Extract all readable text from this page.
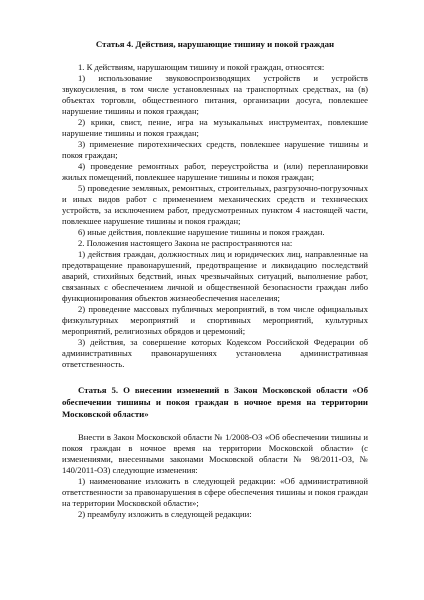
Статья 4. Действия, нарушающие тишину и покой граждан

1. К действиям, нарушающим тишину и покой граждан, относятся:

1) использование звуковоспроизводящих устройств и устройств звукоусиления, в том числе установленных на транспортных средствах, на (в) объектах торговли, общественного питания, организации досуга, повлекшее нарушение тишины и покоя граждан;

2) крики, свист, пение, игра на музыкальных инструментах, повлекшие нарушение тишины и покоя граждан;

3) применение пиротехнических средств, повлекшее нарушение тишины и покоя граждан;

4) проведение ремонтных работ, переустройства и (или) перепланировки жилых помещений, повлекшее нарушение тишины и покоя граждан;

5) проведение земляных, ремонтных, строительных, разгрузочно-погрузочных и иных видов работ с применением механических средств и технических устройств, за исключением работ, предусмотренных пунктом 4 настоящей части, повлекшее нарушение тишины и покоя граждан;

6) иные действия, повлекшие нарушение тишины и покоя граждан.

2. Положения настоящего Закона не распространяются на:

1) действия граждан, должностных лиц и юридических лиц, направленные на предотвращение правонарушений, предотвращение и ликвидацию последствий аварий, стихийных бедствий, иных чрезвычайных ситуаций, выполнение работ, связанных с обеспечением личной и общественной безопасности граждан либо функционирования объектов жизнеобеспечения населения;

2) проведение массовых публичных мероприятий, в том числе официальных физкультурных мероприятий и спортивных мероприятий, культурных мероприятий, религиозных обрядов и церемоний;

3) действия, за совершение которых Кодексом Российской Федерации об административных правонарушениях установлена административная ответственность.

Статья 5. О внесении изменений в Закон Московской области «Об обеспечении тишины и покоя граждан в ночное время на территории Московской области»

Внести в Закон Московской области № 1/2008-ОЗ «Об обеспечении тишины и покоя граждан в ночное время на территории Московской области» (с изменениями, внесенными законами Московской области № 98/2011-ОЗ, № 140/2011-ОЗ) следующие изменения:

1) наименование изложить в следующей редакции: «Об административной ответственности за правонарушения в сфере обеспечения тишины и покоя граждан на территории Московской области»;

2) преамбулу изложить в следующей редакции:
